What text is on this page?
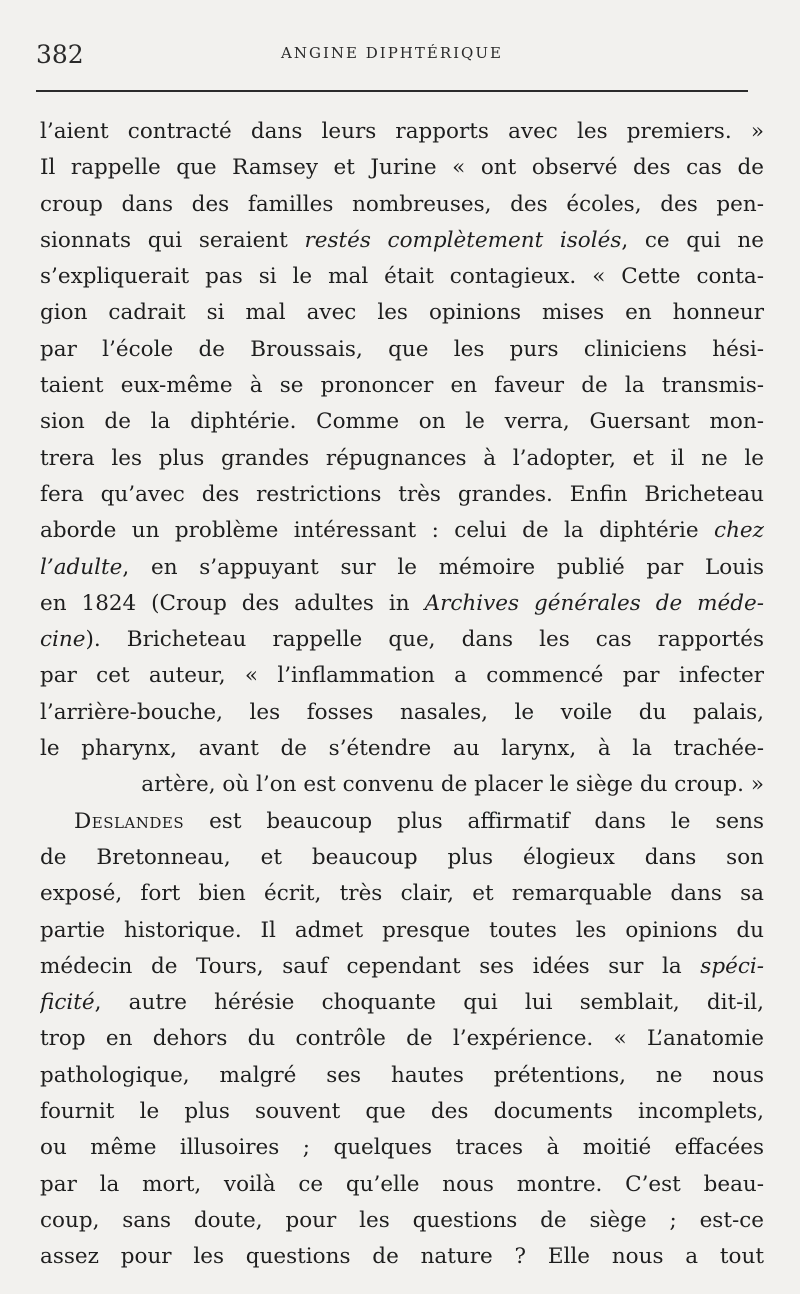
382	ANGINE DIPHTÉRIQUE
l’aient contracté dans leurs rapports avec les premiers. »
Il rappelle que Ramsey et Jurine « ont observé des cas de
croup dans des familles nombreuses, des écoles, des pen-
sionnats qui seraient restés complètement isolés, ce qui ne
s’expliquerait pas si le mal était contagieux. « Cette conta-
gion cadrait si mal avec les opinions mises en honneur
par l’école de Broussais, que les purs cliniciens hési-
taient eux-même à se prononcer en faveur de la transmis-
sion de la diphtérie. Comme on le verra, Guersant mon-
trera les plus grandes répugnances à l’adopter, et il ne le
fera qu’avec des restrictions très grandes. Enfin Bricheteau
aborde un problème intéressant : celui de la diphtérie chez
l’adulte, en s’appuyant sur le mémoire publié par Louis
en 1824 (Croup des adultes in Archives générales de méde-
cine). Bricheteau rappelle que, dans les cas rapportés
par cet auteur, « l’inflammation a commencé par infecter
l’arrière-bouche, les fosses nasales, le voile du palais,
le pharynx, avant de s’étendre au larynx, à la trachée-
artère, où l’on est convenu de placer le siège du croup. »
Deslandes est beaucoup plus affirmatif dans le sens
de Bretonneau, et beaucoup plus élogieux dans son
exposé, fort bien écrit, très clair, et remarquable dans sa
partie historique. Il admet presque toutes les opinions du
médecin de Tours, sauf cependant ses idées sur la spéci-
ficité, autre hérésie choquante qui lui semblait, dit-il,
trop en dehors du contrôle de l’expérience. « L’anatomie
pathologique, malgré ses hautes prétentions, ne nous
fournit le plus souvent que des documents incomplets,
ou même illusoires ; quelques traces à moitié effacées
par la mort, voilà ce qu’elle nous montre. C’est beau-
coup, sans doute, pour les questions de siège ; est-ce
assez pour les questions de nature ? Elle nous a tout
